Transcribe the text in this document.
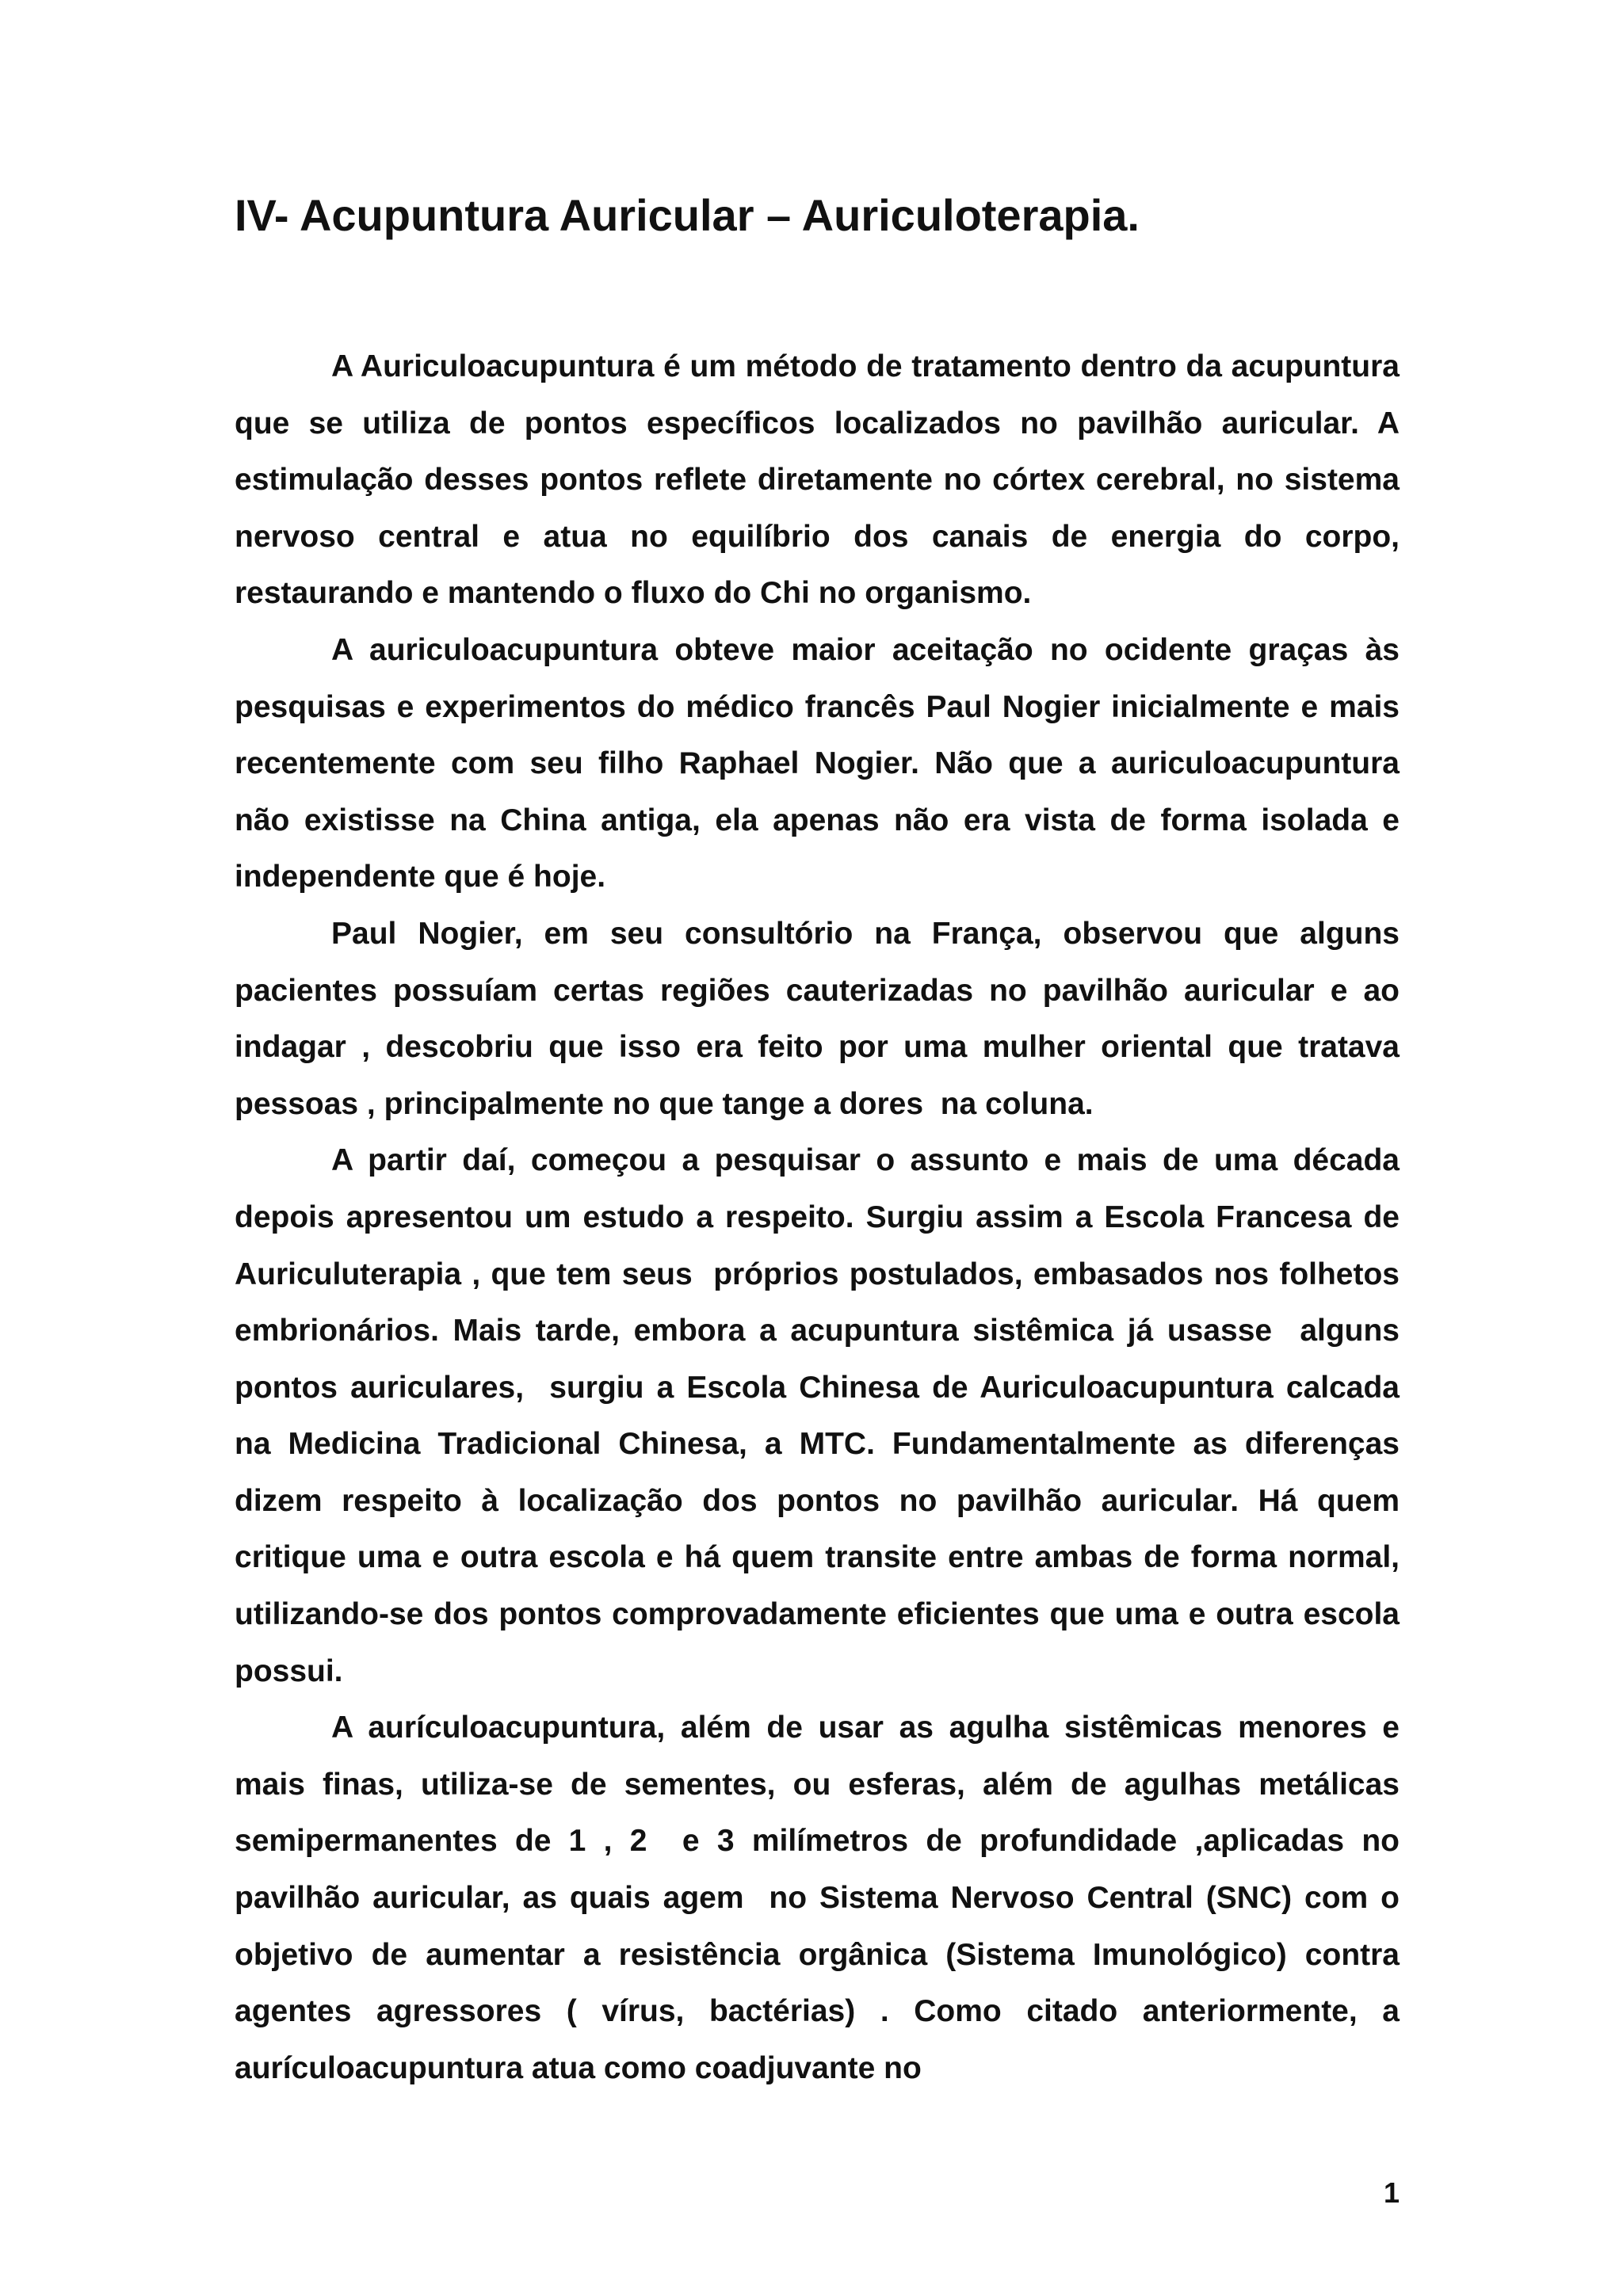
IV- Acupuntura Auricular – Auriculoterapia.

A Auriculoacupuntura é um método de tratamento dentro da acupuntura que se utiliza de pontos específicos localizados no pavilhão auricular. A estimulação desses pontos reflete diretamente no córtex cerebral, no sistema nervoso central e atua no equilíbrio dos canais de energia do corpo, restaurando e mantendo o fluxo do Chi no organismo.

A auriculoacupuntura obteve maior aceitação no ocidente graças às pesquisas e experimentos do médico francês Paul Nogier inicialmente e mais recentemente com seu filho Raphael Nogier. Não que a auriculoacupuntura não existisse na China antiga, ela apenas não era vista de forma isolada e independente que é hoje.

Paul Nogier, em seu consultório na França, observou que alguns pacientes possuíam certas regiões cauterizadas no pavilhão auricular e ao indagar , descobriu que isso era feito por uma mulher oriental que tratava pessoas , principalmente no que tange a dores  na coluna.

A partir daí, começou a pesquisar o assunto e mais de uma década depois apresentou um estudo a respeito. Surgiu assim a Escola Francesa de Auriculuterapia , que tem seus  próprios postulados, embasados nos folhetos embrionários. Mais tarde, embora a acupuntura sistêmica já usasse  alguns pontos auriculares,  surgiu a Escola Chinesa de Auriculoacupuntura calcada na Medicina Tradicional Chinesa, a MTC. Fundamentalmente as diferenças dizem respeito à localização dos pontos no pavilhão auricular. Há quem critique uma e outra escola e há quem transite entre ambas de forma normal, utilizando-se dos pontos comprovadamente eficientes que uma e outra escola possui.

A aurículoacupuntura, além de usar as agulha sistêmicas menores e mais finas, utiliza-se de sementes, ou esferas, além de agulhas metálicas semipermanentes de 1 , 2  e 3 milímetros de profundidade ,aplicadas no pavilhão auricular, as quais agem  no Sistema Nervoso Central (SNC) com o objetivo de aumentar a resistência orgânica (Sistema Imunológico) contra agentes agressores ( vírus, bactérias) . Como citado anteriormente, a aurículoacupuntura atua como coadjuvante no

1
